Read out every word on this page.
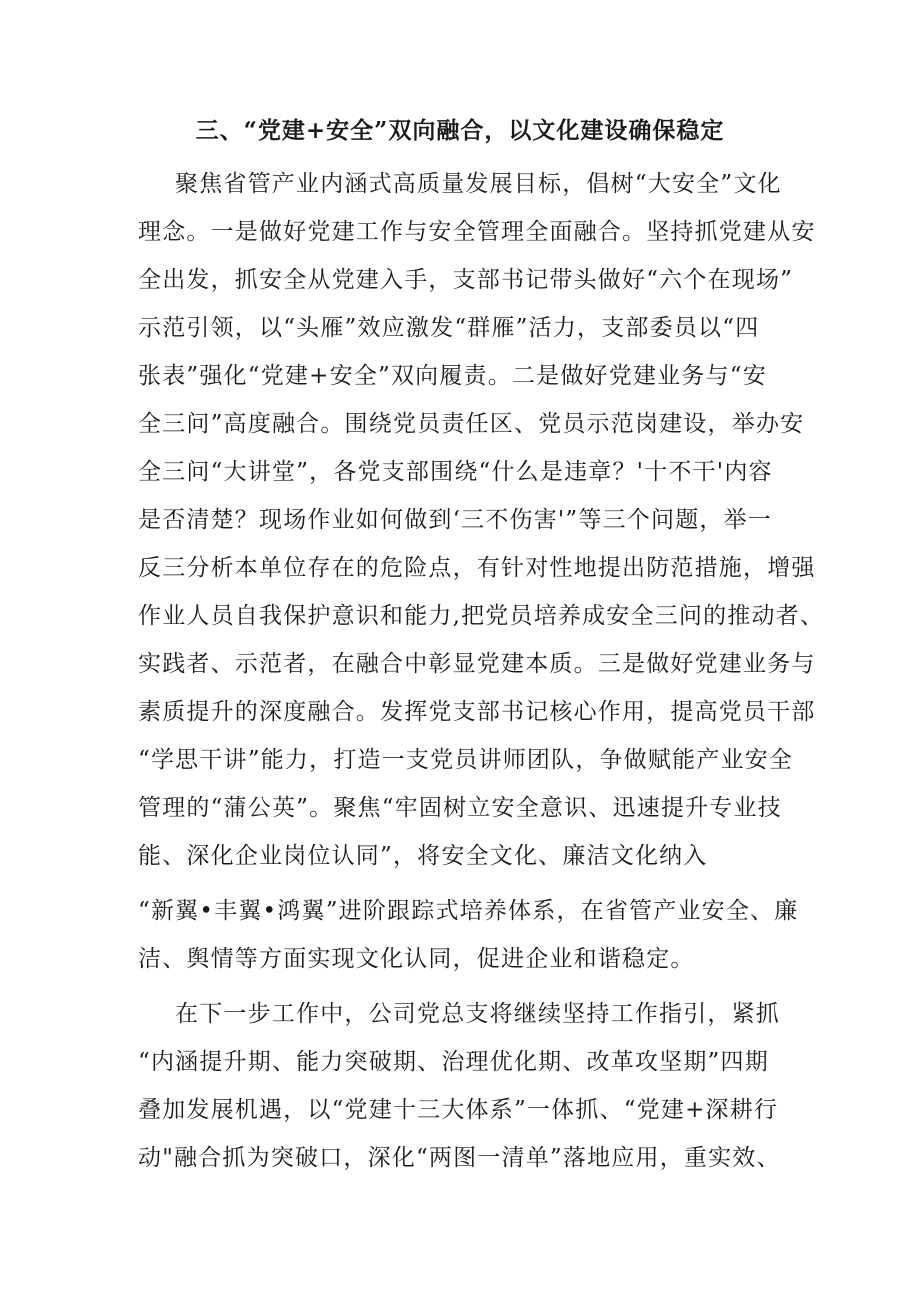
三、“党建+安全”双向融合，以文化建设确保稳定
聚焦省管产业内涵式高质量发展目标，倡树“大安全”文化
理念。一是做好党建工作与安全管理全面融合。坚持抓党建从安
全出发，抓安全从党建入手，支部书记带头做好“六个在现场”
示范引领，以“头雁”效应激发“群雁”活力，支部委员以“四
张表”强化“党建+安全”双向履责。二是做好党建业务与“安
全三问”高度融合。围绕党员责任区、党员示范岗建设，举办安
全三问“大讲堂”，各党支部围绕“什么是违章？'十不干'内容
是否清楚？现场作业如何做到‘三不伤害'”等三个问题，举一
反三分析本单位存在的危险点，有针对性地提出防范措施，增强
作业人员自我保护意识和能力,把党员培养成安全三问的推动者、
实践者、示范者，在融合中彰显党建本质。三是做好党建业务与
素质提升的深度融合。发挥党支部书记核心作用，提高党员干部
“学思干讲”能力，打造一支党员讲师团队，争做赋能产业安全
管理的“蒲公英”。聚焦“牢固树立安全意识、迅速提升专业技
能、深化企业岗位认同”，将安全文化、廉洁文化纳入
“新翼•丰翼•鸿翼”进阶跟踪式培养体系，在省管产业安全、廉
洁、舆情等方面实现文化认同，促进企业和谐稳定。
在下一步工作中，公司党总支将继续坚持工作指引，紧抓
“内涵提升期、能力突破期、治理优化期、改革攻坚期”四期
叠加发展机遇，以“党建十三大体系”一体抓、“党建+深耕行
动"融合抓为突破口，深化“两图一清单”落地应用，重实效、
